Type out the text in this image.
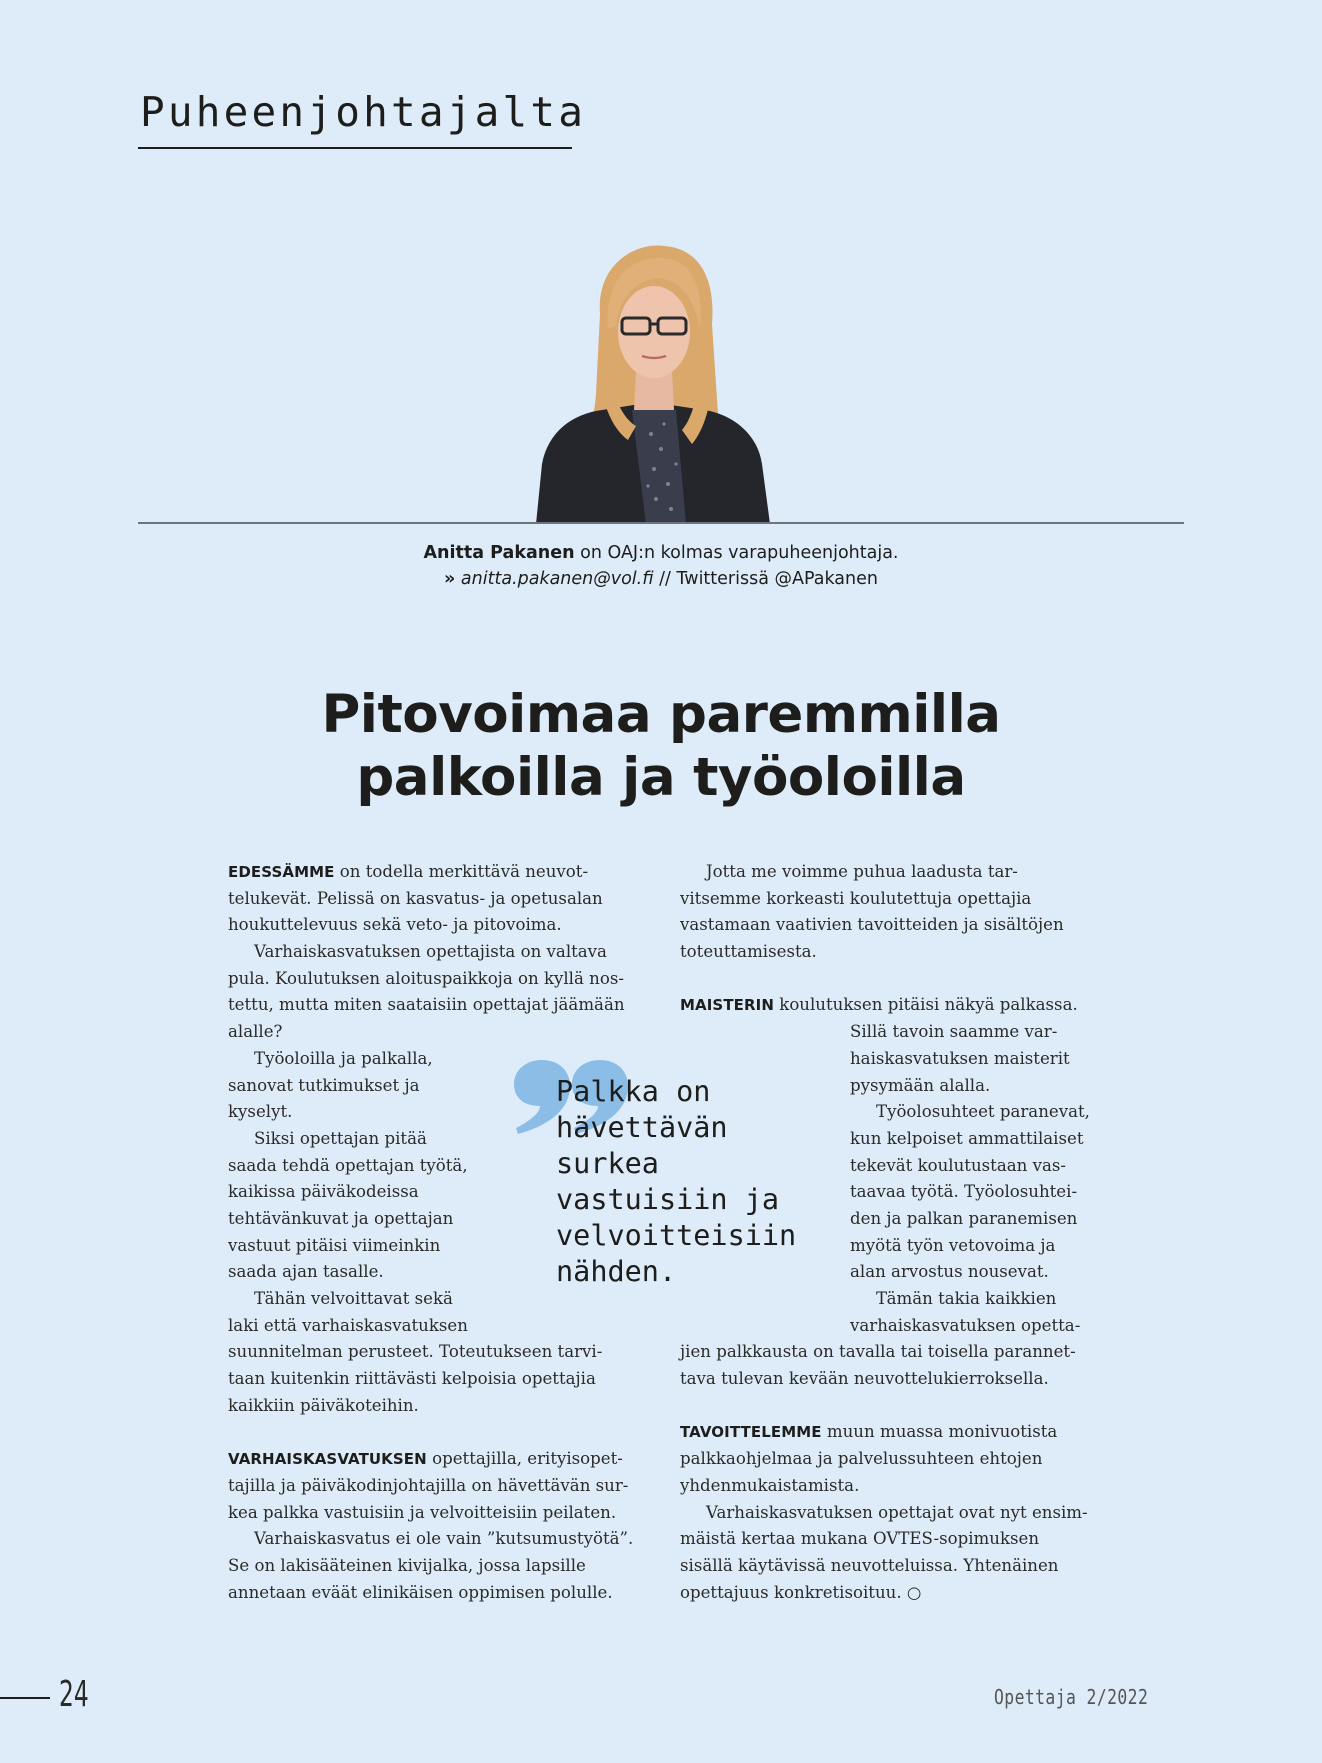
Puheenjohtajalta
Anitta Pakanen on OAJ:n kolmas varapuheenjohtaja.
» anitta.pakanen@vol.fi // Twitterissä @APakanen
Pitovoimaa paremmilla
palkoilla ja työoloilla
EDESSÄMME on todella merkittävä neuvot-
telukevät. Pelissä on kasvatus- ja opetusalan
houkuttelevuus sekä veto- ja pitovoima.
Varhaiskasvatuksen opettajista on valtava
pula. Koulutuksen aloituspaikkoja on kyllä nos-
tettu, mutta miten saataisiin opettajat jäämään
alalle?
Työoloilla ja palkalla,
sanovat tutkimukset ja
kyselyt.
Siksi opettajan pitää
saada tehdä opettajan työtä,
kaikissa päiväkodeissa
tehtävänkuvat ja opettajan
vastuut pitäisi viimeinkin
saada ajan tasalle.
Tähän velvoittavat sekä
laki että varhaiskasvatuksen
suunnitelman perusteet. Toteutukseen tarvi-
taan kuitenkin riittävästi kelpoisia opettajia
kaikkiin päiväkoteihin.
VARHAISKASVATUKSEN opettajilla, erityisopet-
tajilla ja päiväkodinjohtajilla on hävettävän sur-
kea palkka vastuisiin ja velvoitteisiin peilaten.
Varhaiskasvatus ei ole vain ”kutsumustyötä”.
Se on lakisääteinen kivijalka, jossa lapsille
annetaan eväät elinikäisen oppimisen polulle.
Jotta me voimme puhua laadusta tar-
vitsemme korkeasti koulutettuja opettajia
vastamaan vaativien tavoitteiden ja sisältöjen
toteuttamisesta.
MAISTERIN koulutuksen pitäisi näkyä palkassa.
Sillä tavoin saamme var-
haiskasvatuksen maisterit
pysymään alalla.
Työolosuhteet paranevat,
kun kelpoiset ammattilaiset
tekevät koulutustaan vas-
taavaa työtä. Työolosuhtei-
den ja palkan paranemisen
myötä työn vetovoima ja
alan arvostus nousevat.
Tämän takia kaikkien
varhaiskasvatuksen opetta-
jien palkkausta on tavalla tai toisella parannet-
tava tulevan kevään neuvottelukierroksella.
TAVOITTELEMME muun muassa monivuotista
palkkaohjelmaa ja palvelussuhteen ehtojen
yhdenmukaistamista.
Varhaiskasvatuksen opettajat ovat nyt ensim-
mäistä kertaa mukana OVTES-sopimuksen
sisällä käytävissä neuvotteluissa. Yhtenäinen
opettajuus konkretisoituu. ○
Palkka on
hävettävän
surkea
vastuisiin ja
velvoitteisiin
nähden.
24	Opettaja 2/2022
